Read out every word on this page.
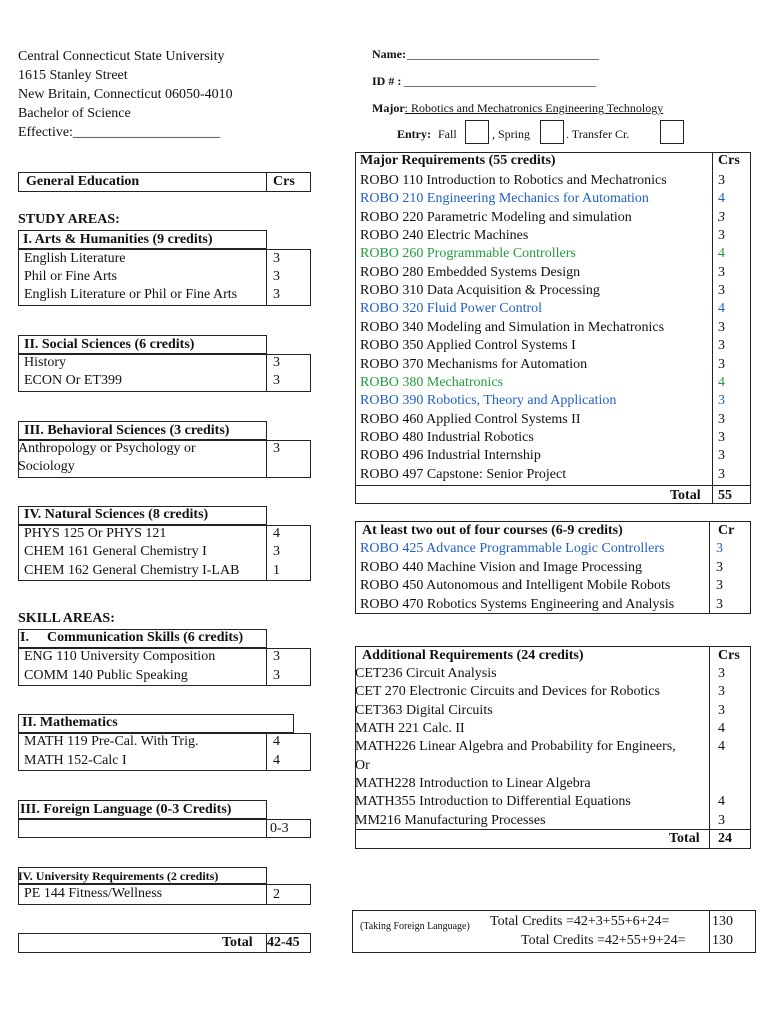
Central Connecticut State University
1615 Stanley Street
New Britain, Connecticut 06050-4010
Bachelor of Science
Effective:_____________________
Name: ________________________________
ID # : ________________________________
Major: Robotics and Mechatronics Engineering Technology
Entry: Fall	, Spring	. Transfer Cr.
General Education	Crs
STUDY AREAS:
I. Arts & Humanities (9 credits)
English Literature	3
Phil or Fine Arts	3
English Literature or Phil or Fine Arts	3
II. Social Sciences (6 credits)
History	3
ECON Or ET399	3
III. Behavioral Sciences (3 credits)
Anthropology or Psychology or
Sociology
3
IV. Natural Sciences (8 credits)
PHYS 125 Or PHYS 121	4
CHEM 161 General Chemistry I	3
CHEM 162 General Chemistry I-LAB 1
SKILL AREAS:
I. Communication Skills (6 credits)
ENG 110 University Composition	3
COMM 140 Public Speaking	3
II. Mathematics
MATH 119 Pre-Cal. With Trig.	4
MATH 152-Calc I	4
III. Foreign Language (0-3 Credits)
0-3
IV. University Requirements (2 credits)
PE 144 Fitness/Wellness	2
Total 42-45
Major Requirements (55 credits)	Crs
ROBO 110 Introduction to Robotics and Mechatronics	3
ROBO 210 Engineering Mechanics for Automation	4
ROBO 220 Parametric Modeling and simulation	3
ROBO 240 Electric Machines	3
ROBO 260 Programmable Controllers	4
ROBO 280 Embedded Systems Design	3
ROBO 310 Data Acquisition & Processing	3
ROBO 320 Fluid Power Control	4
ROBO 340 Modeling and Simulation in Mechatronics	3
ROBO 350 Applied Control Systems I	3
ROBO 370 Mechanisms for Automation	3
ROBO 380 Mechatronics	4
ROBO 390 Robotics, Theory and Application	3
ROBO 460 Applied Control Systems II	3
ROBO 480 Industrial Robotics	3
ROBO 496 Industrial Internship	3
ROBO 497 Capstone: Senior Project	3
Total 55
At least two out of four courses (6-9 credits)	Cr
ROBO 425 Advance Programmable Logic Controllers	3
ROBO 440 Machine Vision and Image Processing	3
ROBO 450 Autonomous and Intelligent Mobile Robots	3
ROBO 470 Robotics Systems Engineering and Analysis	3
Additional Requirements (24 credits)	Crs
CET236 Circuit Analysis	3
CET 270 Electronic Circuits and Devices for Robotics	3
CET363 Digital Circuits	3
MATH 221 Calc. II	4
MATH226 Linear Algebra and Probability for Engineers,	4
Or
MATH228 Introduction to Linear Algebra
MATH355 Introduction to Differential Equations	4
MM216 Manufacturing Processes	3
Total 24
(Taking Foreign Language) Total Credits =42+3+55+6+24=	130
Total Credits =42+55+9+24= 130
